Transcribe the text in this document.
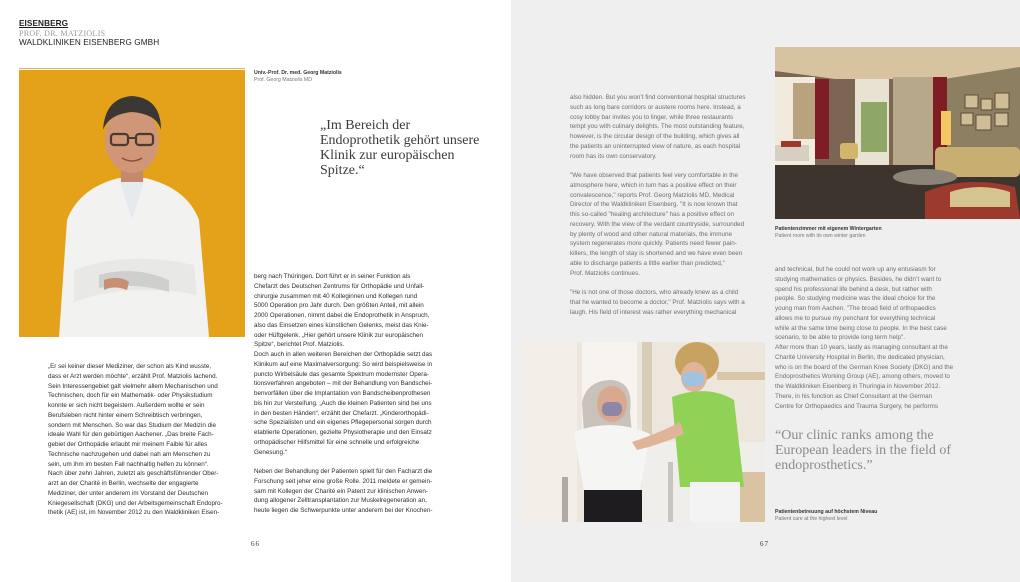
EISENBERG
PROF. DR. MATZIOLIS
WALDKLINIKEN EISENBERG GMBH
Univ.-Prof. Dr. med. Georg Matziolis
Prof. Georg Matziolis MD
„Im Bereich der Endoprothetik gehört unsere Klinik zur europäischen Spitze.“

„Er sei keiner dieser Mediziner, der schon als Kind wusste,

dass er Arzt werden möchte“, erzählt Prof. Matziolis lachend.

Sein Interessengebiet galt vielmehr allem Mechanischen und

Technischen, doch für ein Mathematik- oder Physikstudium

konnte er sich nicht begeistern. Außerdem wollte er sein

Berufsleben nicht hinter einem Schreibtisch verbringen,

sondern mit Menschen. So war das Studium der Medizin die

ideale Wahl für den gebürtigen Aachener. „Das breite Fach-

gebiet der Orthopädie erlaubt mir meinem Faible für alles

Technische nachzugehen und dabei nah am Menschen zu

sein, um ihm im besten Fall nachhaltig helfen zu können“.

Nach über zehn Jahren, zuletzt als geschäftsführender Ober-

arzt an der Charité in Berlin, wechselte der engagierte

Mediziner, der unter anderem im Vorstand der Deutschen

Kniegesellschaft (DKG) und der Arbeitsgemeinschaft Endopro-

thetik (AE) ist, im November 2012 zu den Waldkliniken Eisen-

berg nach Thüringen. Dort führt er in seiner Funktion als

Chefarzt des Deutschen Zentrums für Orthopädie und Unfall-

chirurgie zusammen mit 40 Kolleginnen und Kollegen rund

5000 Operation pro Jahr durch. Den größten Anteil, mit allein

2000 Operationen, nimmt dabei die Endoprothetik in Anspruch,

also das Einsetzen eines künstlichen Gelenks, meist das Knie-

oder Hüftgelenk. „Hier gehört unsere Klinik zur europäischen

Spitze“, berichtet Prof. Matziolis.

Doch auch in allen weiteren Bereichen der Orthopädie setzt das

Klinikum auf eine Maximalversorgung: So wird beispielsweise in

puncto Wirbelsäule das gesamte Spektrum modernster Opera-

tionsverfahren angeboten – mit der Behandlung von Bandschei-

benvorfällen über die Implantation von Bandscheibenprothesen

bis hin zur Versteifung. „Auch die kleinen Patienten sind bei uns

in den besten Händen“, erzählt der Chefarzt. „Kinderorthopädi-

sche Spezialisten und ein eigenes Pflegepersonal sorgen durch

etablierte Operationen, gezielte Physiotherapie und den Einsatz

orthopädischer Hilfsmittel für eine schnelle und erfolgreiche

Genesung.“

Neben der Behandlung der Patienten spielt für den Facharzt die

Forschung seit jeher eine große Rolle. 2011 meldete er gemein-

sam mit Kollegen der Charité ein Patent zur klinischen Anwen-

dung allogener Zelltransplantation zur Muskelregeneration an,

heute liegen die Schwerpunkte unter anderem bei der Knochen-

66

also hidden. But you won’t find conventional hospital structures

such as long bare corridors or austere rooms here. Instead, a

cosy lobby bar invites you to linger, while three restaurants

tempt you with culinary delights. The most outstanding feature,

however, is the circular design of the building, which gives all

the patients an uninterrupted view of nature, as each hospital

room has its own conservatory.

"We have observed that patients feel very comfortable in the

atmosphere here, which in turn has a positive effect on their

convalescence," reports Prof. Georg Matziolis MD, Medical

Director of the Waldkliniken Eisenberg. "It is now known that

this so-called "healing architecture" has a positive effect on

recovery. With the view of the verdant countryside, surrounded

by plenty of wood and other natural materials, the immune

system regenerates more quickly. Patients need fewer pain-

killers, the length of stay is shortened and we have even been

able to discharge patients a little earlier than predicted,"

Prof. Matziolis continues.

"He is not one of those doctors, who already knew as a child

that he wanted to become a doctor," Prof. Matziolis says with a

laugh. His field of interest was rather everything mechanical

Patientenzimmer mit eigenem Wintergarten
Patient room with its own winter garden

and technical, but he could not work up any entusiasm for

studying mathematics or physics. Besides, he didn’t want to

spend his professional life behind a desk, but rather with

people. So studying medicine was the ideal choice for the

young man from Aachen. "The broad field of orthopaedics

allows me to pursue my penchant for everything technical

while at the same time being close to people. In the best case

scenario, to be able to provide long term help".

After more than 10 years, lastly as managing consultant at the

Charité University Hospital in Berlin, the dedicated physician,

who is on the board of the German Knee Society (DKG) and the

Endoprosthetics Working Group (AE), among others, moved to

the Waldkliniken Eisenberg in Thuringia in November 2012.

There, in his function as Chief Consultant at the German

Centre for Orthopaedics and Trauma Surgery, he performs

“Our clinic ranks among the European leaders in the field of endoprosthetics.”
Patientenbetreuung auf höchstem Niveau
Patient care at the highest level
67
